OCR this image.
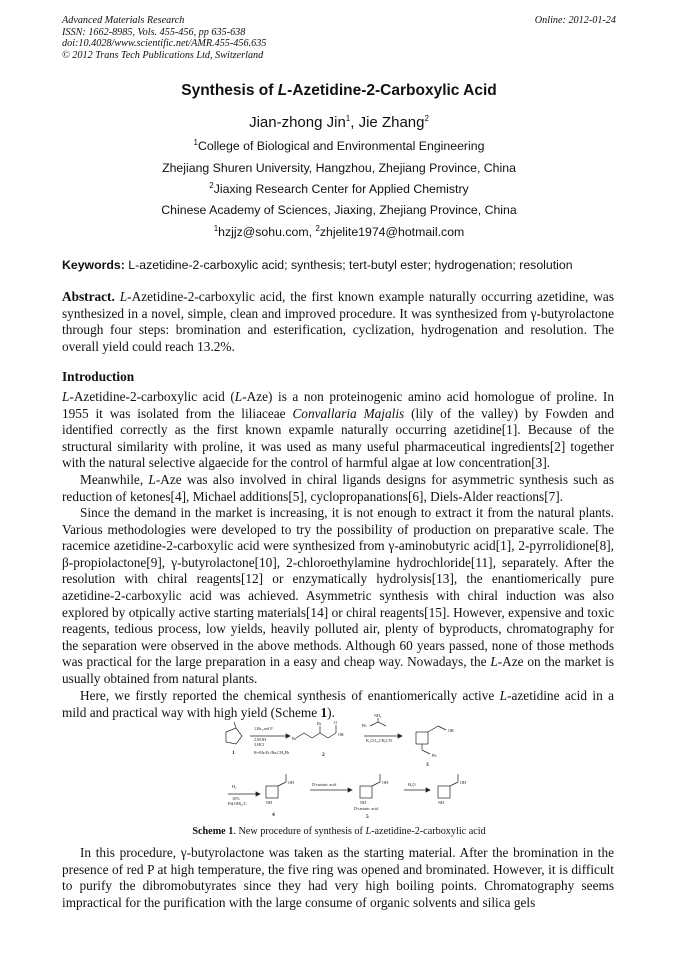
Advanced Materials Research
ISSN: 1662-8985, Vols. 455-456, pp 635-638
doi:10.4028/www.scientific.net/AMR.455-456.635
© 2012 Trans Tech Publications Ltd, Switzerland
Online: 2012-01-24
Synthesis of L-Azetidine-2-Carboxylic Acid
Jian-zhong Jin$^1$, Jie Zhang$^2$
$^1$College of Biological and Environmental Engineering
Zhejiang Shuren University, Hangzhou, Zhejiang Province, China
$^2$Jiaxing Research Center for Applied Chemistry
Chinese Academy of Sciences, Jiaxing, Zhejiang Province, China
$^1$hzjjz@sohu.com, $^2$zhjelite1974@hotmail.com
Keywords: L-azetidine-2-carboxylic acid; synthesis; tert-butyl ester; hydrogenation; resolution
Abstract. L-Azetidine-2-carboxylic acid, the first known example naturally occurring azetidine, was synthesized in a novel, simple, clean and improved procedure. It was synthesized from γ-butyrolactone through four steps: bromination and esterification, cyclization, hydrogenation and resolution. The overall yield could reach 13.2%.
Introduction
L-Azetidine-2-carboxylic acid (L-Aze) is a non proteinogenic amino acid homologue of proline. In 1955 it was isolated from the liliaceae Convallaria Majalis (lily of the valley) by Fowden and identified correctly as the first known expamle naturally occurring azetidine[1]. Because of the structural similarity with proline, it was used as many useful pharmaceutical ingredients[2] together with the natural selective algaecide for the control of harmful algae at low concentration[3].
Meanwhile, L-Aze was also involved in chiral ligands designs for asymmetric synthesis such as reduction of ketones[4], Michael additions[5], cyclopropanations[6], Diels-Alder reactions[7].
Since the demand in the market is increasing, it is not enough to extract it from the natural plants. Various methodologies were developed to try the possibility of production on preparative scale. The racemice azetidine-2-carboxylic acid were synthesized from γ-aminobutyric acid[1], 2-pyrrolidione[8], β-propiolactone[9], γ-butyrolactone[10], 2-chloroethylamine hydrochloride[11], separately. After the resolution with chiral reagents[12] or enzymatically hydrolysis[13], the enantiomerically pure azetidine-2-carboxylic acid was achieved. Asymmetric synthesis with chiral induction was also explored by otpically active starting materials[14] or chiral reagents[15]. However, expensive and toxic reagents, tedious process, low yields, heavily polluted air, plenty of byproducts, chromatography for the separation were observed in the above methods. Although 60 years passed, none of those methods was practical for the large preparation in a easy and cheap way. Nowadays, the L-Aze on the market is usually obtained from natural plants.
Here, we firstly reported the chemical synthesis of enantiomerically active L-azetidine acid in a mild and practical way with high yield (Scheme 1).
1.Br₂,red P
2.ROH
3.HCl
R=Me,Et,ᵗBu,CH₂Ph
K₂CO₃,CH₃CN
H₂
10%
Pd(OH)₂/C
D-tartaric acid	H₂O
Br
Br	O
OR
NH₂
Ph
OR
Ph
NH
OH
NH
OH
D-tartaric acid
NH
OH
1	2
3
4	5
Scheme 1. New procedure of synthesis of L-azetidine-2-carboxylic acid
In this procedure, γ-butyrolactone was taken as the starting material. After the bromination in the presence of red P at high temperature, the five ring was opened and brominated. However, it is difficult to purify the dibromobutyrates since they had very high boiling points. Chromatography seems impractical for the purification with the large consume of organic solvents and silica gels
